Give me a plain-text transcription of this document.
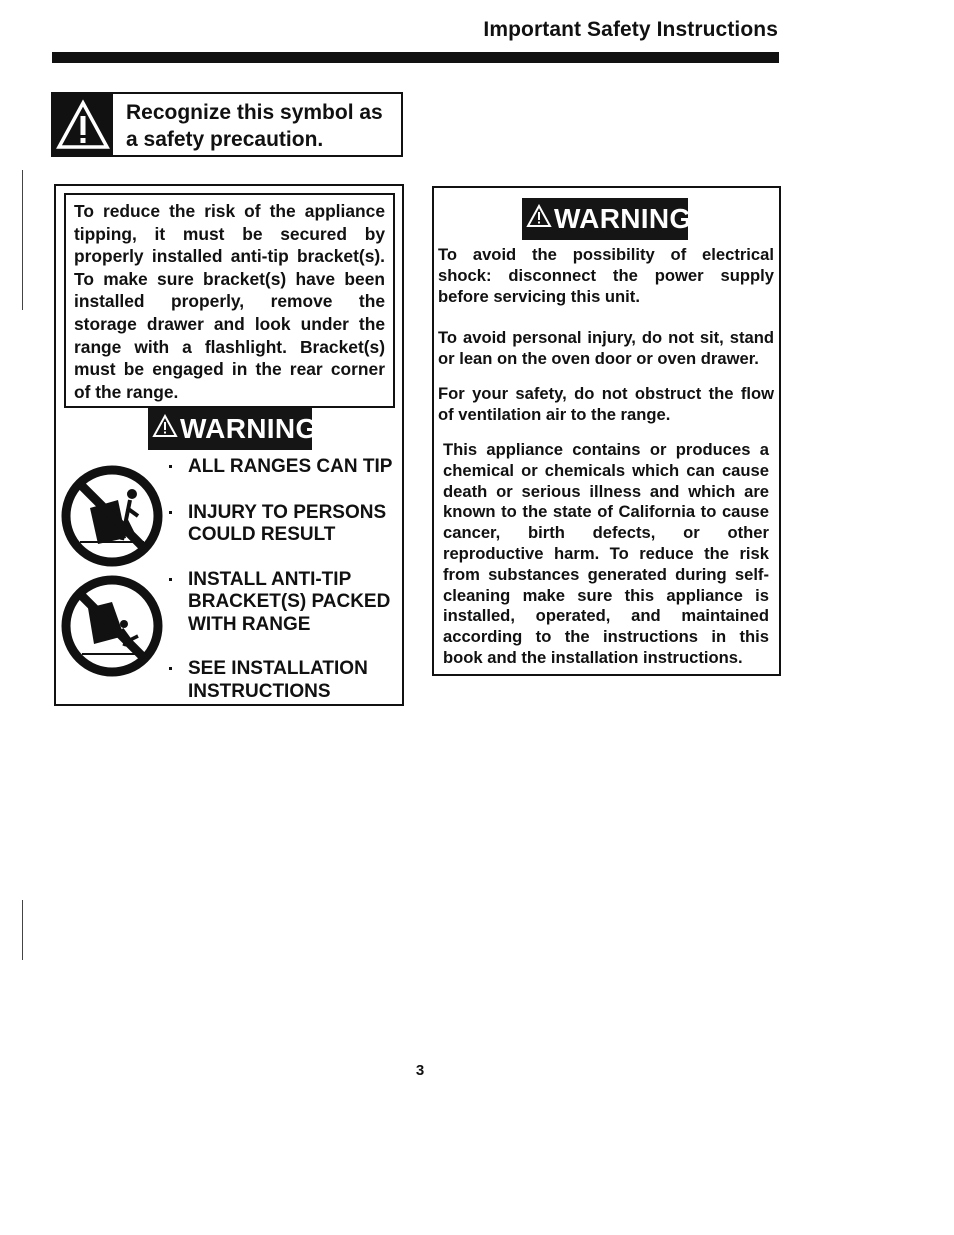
Important Safety Instructions
Recognize this symbol as
a safety precaution.
To reduce the risk of the appliance tipping, it must be secured by properly installed anti-tip bracket(s). To make sure bracket(s) have been installed properly, remove the storage drawer and look under the range with a flashlight. Bracket(s) must be engaged in the rear corner of the range.
WARNING
ALL RANGES CAN TIP
INJURY TO PERSONS
COULD RESULT
INSTALL ANTI-TIP
BRACKET(S) PACKED
WITH RANGE
SEE INSTALLATION
INSTRUCTIONS
WARNING
To avoid the possibility of electrical shock: disconnect the power supply before servicing this unit.
To avoid personal injury, do not sit, stand or lean on the oven door or oven drawer.
For your safety, do not obstruct the flow of ventilation air to the range.
This appliance contains or produces a chemical or chemicals which can cause death or serious illness and which are known to the state of California to cause cancer, birth defects, or other reproductive harm. To reduce the risk from substances generated during self-cleaning make sure this appliance is installed, operated, and maintained according to the instructions in this book and the installation instructions.
3
